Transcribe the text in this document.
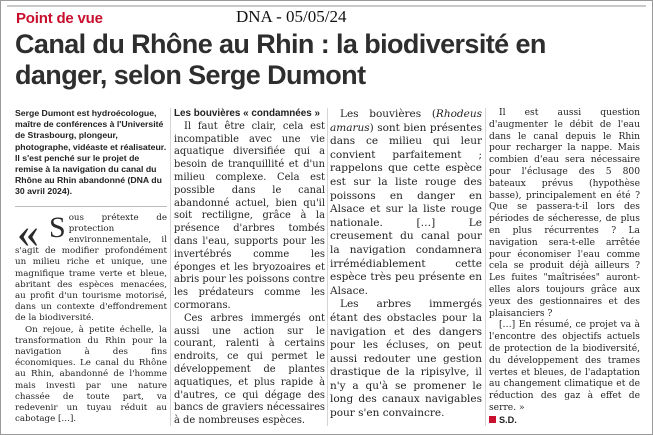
Point de vue	DNA - 05/05/24
Canal du Rhône au Rhin : la biodiversité en danger, selon Serge Dumont

Serge Dumont est hydroécologue, maître de conférences à l'Université de Strasbourg, plongeur, photographe, vidéaste et réalisateur. Il s'est penché sur le projet de remise à la navigation du canal du Rhône au Rhin abandonné (DNA du 30 avril 2024).

« Sous prétexte de protection environnementale, il s'agit de modifier profondément un milieu riche et unique, une magnifique trame verte et bleue, abritant des espèces menacées, au profit d'un tourisme motorisé, dans un contexte d'effondrement de la biodiversité.

On rejoue, à petite échelle, la transformation du Rhin pour la navigation à des fins économiques. Le canal du Rhône au Rhin, abandonné de l'homme mais investi par une nature chassée de toute part, va redevenir un tuyau réduit au cabotage […].

Les bouvières « condamnées »

Il faut être clair, cela est incompatible avec une vie aquatique diversifiée qui a besoin de tranquillité et d'un milieu complexe. Cela est possible dans le canal abandonné actuel, bien qu'il soit rectiligne, grâce à la présence d'arbres tombés dans l'eau, supports pour les invertébrés comme les éponges et les bryozoaires et abris pour les poissons contre les prédateurs comme les cormorans.

Ces arbres immergés ont aussi une action sur le courant, ralenti à certains endroits, ce qui permet le développement de plantes aquatiques, et plus rapide à d'autres, ce qui dégage des bancs de graviers nécessaires à de nombreuses espèces.

Les bouvières (Rhodeus amarus) sont bien présentes dans ce milieu qui leur convient parfaitement ; rappelons que cette espèce est sur la liste rouge des poissons en danger en Alsace et sur la liste rouge nationale. […] Le creusement du canal pour la navigation condamnera irrémédiablement cette espèce très peu présente en Alsace.

Les arbres immergés étant des obstacles pour la navigation et des dangers pour les écluses, on peut aussi redouter une gestion drastique de la ripisylve, il n'y a qu'à se promener le long des canaux navigables pour s'en convaincre.

Il est aussi question d'augmenter le débit de l'eau dans le canal depuis le Rhin pour recharger la nappe. Mais combien d'eau sera nécessaire pour l'éclusage des 5 800 bateaux prévus (hypothèse basse), principalement en été ? Que se passera-t-il lors des périodes de sécheresse, de plus en plus récurrentes ? La navigation sera-t-elle arrêtée pour économiser l'eau comme cela se produit déjà ailleurs ? Les fuites "maîtrisées" auront-elles alors toujours grâce aux yeux des gestionnaires et des plaisanciers ?

[…] En résumé, ce projet va à l'encontre des objectifs actuels de protection de la biodiversité, du développement des trames vertes et bleues, de l'adaptation au changement climatique et de réduction des gaz à effet de serre. »

S.D.
